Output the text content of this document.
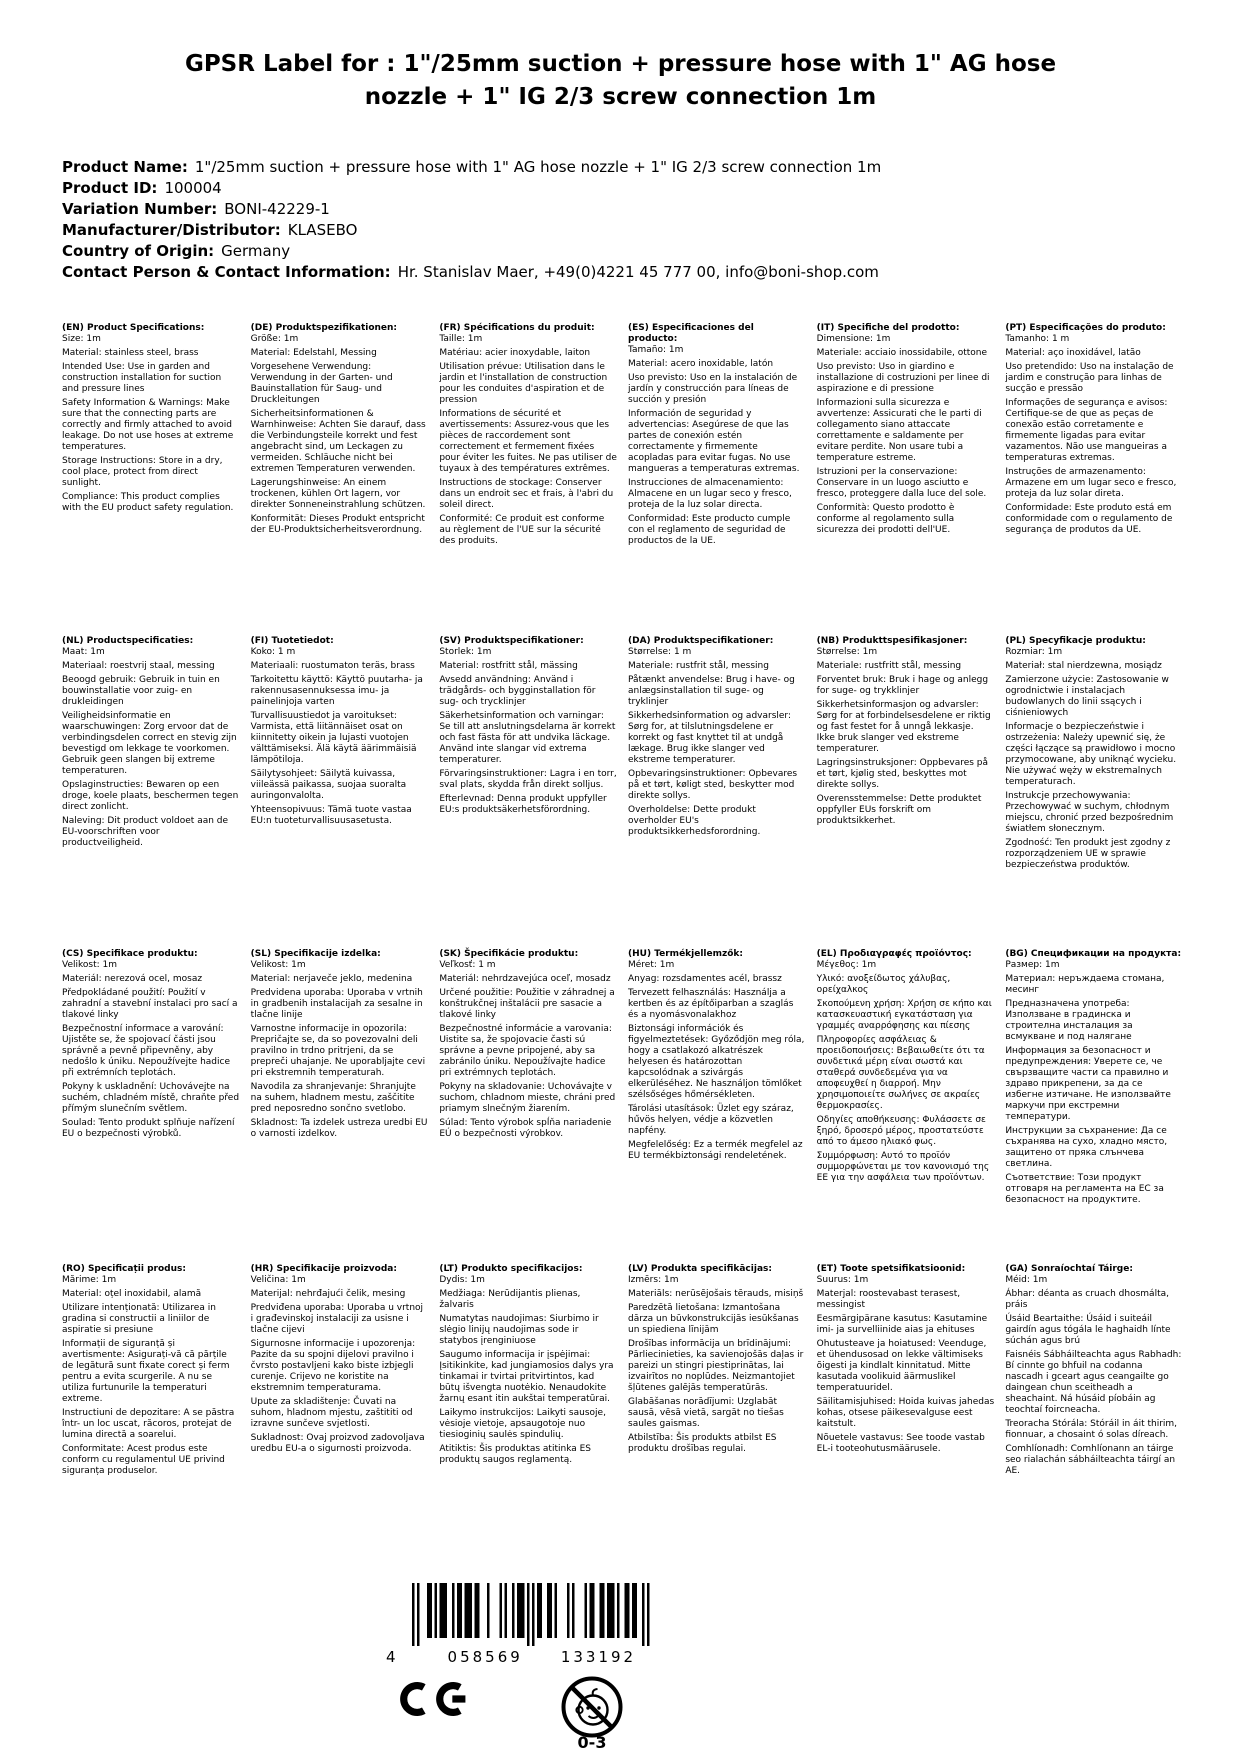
GPSR Label for : 1"/25mm suction + pressure hose with 1" AG hose nozzle + 1" IG 2/3 screw connection 1m
Product Name: 1"/25mm suction + pressure hose with 1" AG hose nozzle + 1" IG 2/3 screw connection 1m
Product ID: 100004
Variation Number: BONI-42229-1
Manufacturer/Distributor: KLASEBO
Country of Origin: Germany
Contact Person & Contact Information: Hr. Stanislav Maer, +49(0)4221 45 777 00, info@boni-shop.com
(EN) Product Specifications:
Size: 1m
Material: stainless steel, brass
Intended Use: Use in garden and construction installation for suction and pressure lines
Safety Information & Warnings: Make sure that the connecting parts are correctly and firmly attached to avoid leakage. Do not use hoses at extreme temperatures.
Storage Instructions: Store in a dry, cool place, protect from direct sunlight.
Compliance: This product complies with the EU product safety regulation.
(DE) Produktspezifikationen:
Größe: 1m
Material: Edelstahl, Messing
Vorgesehene Verwendung: Verwendung in der Garten- und Bauinstallation für Saug- und Druckleitungen
Sicherheitsinformationen & Warnhinweise: Achten Sie darauf, dass die Verbindungsteile korrekt und fest angebracht sind, um Leckagen zu vermeiden. Schläuche nicht bei extremen Temperaturen verwenden.
Lagerungshinweise: An einem trockenen, kühlen Ort lagern, vor direkter Sonneneinstrahlung schützen.
Konformität: Dieses Produkt entspricht der EU-Produktsicherheitsverordnung.
(FR) Spécifications du produit:
Taille: 1m
Matériau: acier inoxydable, laiton
Utilisation prévue: Utilisation dans le jardin et l'installation de construction pour les conduites d'aspiration et de pression
Informations de sécurité et avertissements: Assurez-vous que les pièces de raccordement sont correctement et fermement fixées pour éviter les fuites. Ne pas utiliser de tuyaux à des températures extrêmes.
Instructions de stockage: Conserver dans un endroit sec et frais, à l'abri du soleil direct.
Conformité: Ce produit est conforme au règlement de l'UE sur la sécurité des produits.
(ES) Especificaciones del producto:
Tamaño: 1m
Material: acero inoxidable, latón
Uso previsto: Uso en la instalación de jardín y construcción para líneas de succión y presión
Información de seguridad y advertencias: Asegúrese de que las partes de conexión estén correctamente y firmemente acopladas para evitar fugas. No use mangueras a temperaturas extremas.
Instrucciones de almacenamiento: Almacene en un lugar seco y fresco, proteja de la luz solar directa.
Conformidad: Este producto cumple con el reglamento de seguridad de productos de la UE.
(IT) Specifiche del prodotto:
Dimensione: 1m
Materiale: acciaio inossidabile, ottone
Uso previsto: Uso in giardino e installazione di costruzioni per linee di aspirazione e di pressione
Informazioni sulla sicurezza e avvertenze: Assicurati che le parti di collegamento siano attaccate correttamente e saldamente per evitare perdite. Non usare tubi a temperature estreme.
Istruzioni per la conservazione: Conservare in un luogo asciutto e fresco, proteggere dalla luce del sole.
Conformità: Questo prodotto è conforme al regolamento sulla sicurezza dei prodotti dell'UE.
(PT) Especificações do produto:
Tamanho: 1 m
Material: aço inoxidável, latão
Uso pretendido: Uso na instalação de jardim e construção para linhas de sucção e pressão
Informações de segurança e avisos: Certifique-se de que as peças de conexão estão corretamente e firmemente ligadas para evitar vazamentos. Não use mangueiras a temperaturas extremas.
Instruções de armazenamento: Armazene em um lugar seco e fresco, proteja da luz solar direta.
Conformidade: Este produto está em conformidade com o regulamento de segurança de produtos da UE.
(NL) Productspecificaties:
Maat: 1m
Materiaal: roestvrij staal, messing
Beoogd gebruik: Gebruik in tuin en bouwinstallatie voor zuig- en drukleidingen
Veiligheidsinformatie en waarschuwingen: Zorg ervoor dat de verbindingsdelen correct en stevig zijn bevestigd om lekkage te voorkomen. Gebruik geen slangen bij extreme temperaturen.
Opslaginstructies: Bewaren op een droge, koele plaats, beschermen tegen direct zonlicht.
Naleving: Dit product voldoet aan de EU-voorschriften voor productveiligheid.
(FI) Tuotetiedot:
Koko: 1 m
Materiaali: ruostumaton teräs, brass
Tarkoitettu käyttö: Käyttö puutarha- ja rakennusasennuksessa imu- ja painelinjoja varten
Turvallisuustiedot ja varoitukset: Varmista, että liitännäiset osat on kiinnitetty oikein ja lujasti vuotojen välttämiseksi. Älä käytä äärimmäisiä lämpötiloja.
Säilytysohjeet: Säilytä kuivassa, viileässä paikassa, suojaa suoralta auringonvalolta.
Yhteensopivuus: Tämä tuote vastaa EU:n tuoteturvallisuusasetusta.
(SV) Produktspecifikationer:
Storlek: 1m
Material: rostfritt stål, mässing
Avsedd användning: Använd i trädgårds- och bygginstallation för sug- och trycklinjer
Säkerhetsinformation och varningar: Se till att anslutningsdelarna är korrekt och fast fästa för att undvika läckage. Använd inte slangar vid extrema temperaturer.
Förvaringsinstruktioner: Lagra i en torr, sval plats, skydda från direkt solljus.
Efterlevnad: Denna produkt uppfyller EU:s produktsäkerhetsförordning.
(DA) Produktspecifikationer:
Størrelse: 1 m
Materiale: rustfrit stål, messing
Påtænkt anvendelse: Brug i have- og anlægsinstallation til suge- og tryklinjer
Sikkerhedsinformation og advarsler: Sørg for, at tilslutningsdelene er korrekt og fast knyttet til at undgå lækage. Brug ikke slanger ved ekstreme temperaturer.
Opbevaringsinstruktioner: Opbevares på et tørt, køligt sted, beskytter mod direkte sollys.
Overholdelse: Dette produkt overholder EU's produktsikkerhedsforordning.
(NB) Produkttspesifikasjoner:
Størrelse: 1m
Materiale: rustfritt stål, messing
Forventet bruk: Bruk i hage og anlegg for suge- og trykklinjer
Sikkerhetsinformasjon og advarsler: Sørg for at forbindelsesdelene er riktig og fast festet for å unngå lekkasje. Ikke bruk slanger ved ekstreme temperaturer.
Lagringsinstruksjoner: Oppbevares på et tørt, kjølig sted, beskyttes mot direkte sollys.
Overensstemmelse: Dette produktet oppfyller EUs forskrift om produktsikkerhet.
(PL) Specyfikacje produktu:
Rozmiar: 1m
Materiał: stal nierdzewna, mosiądz
Zamierzone użycie: Zastosowanie w ogrodnictwie i instalacjach budowlanych do linii ssących i ciśnieniowych
Informacje o bezpieczeństwie i ostrzeżenia: Należy upewnić się, że części łączące są prawidłowo i mocno przymocowane, aby uniknąć wycieku. Nie używać węży w ekstremalnych temperaturach.
Instrukcje przechowywania: Przechowywać w suchym, chłodnym miejscu, chronić przed bezpośrednim światłem słonecznym.
Zgodność: Ten produkt jest zgodny z rozporządzeniem UE w sprawie bezpieczeństwa produktów.
(CS) Specifikace produktu:
Velikost: 1m
Materiál: nerezová ocel, mosaz
Předpokládané použití: Použití v zahradní a stavební instalaci pro sací a tlakové linky
Bezpečnostní informace a varování: Ujistěte se, že spojovací části jsou správně a pevně připevněny, aby nedošlo k úniku. Nepoužívejte hadice při extrémních teplotách.
Pokyny k uskladnění: Uchovávejte na suchém, chladném místě, chraňte před přímým slunečním světlem.
Soulad: Tento produkt splňuje nařízení EU o bezpečnosti výrobků.
(SL) Specifikacije izdelka:
Velikost: 1m
Material: nerjaveče jeklo, medenina
Predvidena uporaba: Uporaba v vrtnih in gradbenih instalacijah za sesalne in tlačne linije
Varnostne informacije in opozorila: Prepričajte se, da so povezovalni deli pravilno in trdno pritrjeni, da se prepreči uhajanje. Ne uporabljajte cevi pri ekstremnih temperaturah.
Navodila za shranjevanje: Shranjujte na suhem, hladnem mestu, zaščitite pred neposredno sončno svetlobo.
Skladnost: Ta izdelek ustreza uredbi EU o varnosti izdelkov.
(SK) Špecifikácie produktu:
Veľkosť: 1 m
Materiál: nehrdzavejúca oceľ, mosadz
Určené použitie: Použitie v záhradnej a konštrukčnej inštalácii pre sasacie a tlakové linky
Bezpečnostné informácie a varovania: Uistite sa, že spojovacie časti sú správne a pevne pripojené, aby sa zabránilo úniku. Nepoužívajte hadice pri extrémnych teplotách.
Pokyny na skladovanie: Uchovávajte v suchom, chladnom mieste, chráni pred priamym slnečným žiarením.
Súlad: Tento výrobok spĺňa nariadenie EÚ o bezpečnosti výrobkov.
(HU) Termékjellemzők:
Méret: 1m
Anyag: rozsdamentes acél, brassz
Tervezett felhasználás: Használja a kertben és az építőiparban a szaglás és a nyomásvonalakhoz
Biztonsági információk és figyelmeztetések: Győződjön meg róla, hogy a csatlakozó alkatrészek helyesen és határozottan kapcsolódnak a szivárgás elkerüléséhez. Ne használjon tömlőket szélsőséges hőmérsékleten.
Tárolási utasítások: Üzlet egy száraz, hűvös helyen, védje a közvetlen napfény.
Megfelelőség: Ez a termék megfelel az EU termékbiztonsági rendeletének.
(EL) Προδιαγραφές προϊόντος:
Μέγεθος: 1m
Υλικό: ανοξείδωτος χάλυβας, ορείχαλκος
Σκοπούμενη χρήση: Χρήση σε κήπο και κατασκευαστική εγκατάσταση για γραμμές αναρρόφησης και πίεσης
Πληροφορίες ασφάλειας & προειδοποιήσεις: Βεβαιωθείτε ότι τα συνδετικά μέρη είναι σωστά και σταθερά συνδεδεμένα για να αποφευχθεί η διαρροή. Μην χρησιμοποιείτε σωλήνες σε ακραίες θερμοκρασίες.
Οδηγίες αποθήκευσης: Φυλάσσετε σε ξηρό, δροσερό μέρος, προστατεύστε από το άμεσο ηλιακό φως.
Συμμόρφωση: Αυτό το προϊόν συμμορφώνεται με τον κανονισμό της ΕΕ για την ασφάλεια των προϊόντων.
(BG) Спецификации на продукта:
Размер: 1m
Материал: неръждаема стомана, месинг
Предназначена употреба: Използване в градинска и строителна инсталация за всмукване и под налягане
Информация за безопасност и предупреждения: Уверете се, че свързващите части са правилно и здраво прикрепени, за да се избегне изтичане. Не използвайте маркучи при екстремни температури.
Инструкции за съхранение: Да се съхранява на сухо, хладно място, защитено от пряка слънчева светлина.
Съответствие: Този продукт отговаря на регламента на ЕС за безопасност на продуктите.
(RO) Specificații produs:
Mărime: 1m
Material: oțel inoxidabil, alamă
Utilizare intenționată: Utilizarea in gradina si constructii a liniilor de aspiratie si presiune
Informații de siguranță și avertismente: Asigurați-vă că părțile de legătură sunt fixate corect și ferm pentru a evita scurgerile. A nu se utiliza furtunurile la temperaturi extreme.
Instructiuni de depozitare: A se păstra într- un loc uscat, răcoros, protejat de lumina directă a soarelui.
Conformitate: Acest produs este conform cu regulamentul UE privind siguranța produselor.
(HR) Specifikacije proizvoda:
Veličina: 1m
Materijal: nehrđajući čelik, mesing
Predviđena uporaba: Uporaba u vrtnoj i građevinskoj instalaciji za usisne i tlačne cijevi
Sigurnosne informacije i upozorenja: Pazite da su spojni dijelovi pravilno i čvrsto postavljeni kako biste izbjegli curenje. Crijevo ne koristite na ekstremnim temperaturama.
Upute za skladištenje: Čuvati na suhom, hladnom mjestu, zaštititi od izravne sunčeve svjetlosti.
Sukladnost: Ovaj proizvod zadovoljava uredbu EU-a o sigurnosti proizvoda.
(LT) Produkto specifikacijos:
Dydis: 1m
Medžiaga: Nerūdijantis plienas, žalvaris
Numatytas naudojimas: Siurbimo ir slėgio linijų naudojimas sode ir statybos įrenginiuose
Saugumo informacija ir įspėjimai: Įsitikinkite, kad jungiamosios dalys yra tinkamai ir tvirtai pritvirtintos, kad būtų išvengta nuotėkio. Nenaudokite žarnų esant itin aukštai temperatūrai.
Laikymo instrukcijos: Laikyti sausoje, vėsioje vietoje, apsaugotoje nuo tiesioginių saulės spindulių.
Atitiktis: Šis produktas atitinka ES produktų saugos reglamentą.
(LV) Produkta specifikācijas:
Izmērs: 1m
Materiāls: nerūsējošais tērauds, misiņš
Paredzētā lietošana: Izmantošana dārza un būvkonstrukcijās iesūkšanas un spiediena līnijām
Drošības informācija un brīdinājumi: Pārliecinieties, ka savienojošās daļas ir pareizi un stingri piestiprinātas, lai izvairītos no noplūdes. Neizmantojiet šļūtenes galējās temperatūrās.
Glabāšanas norādījumi: Uzglabāt sausā, vēsā vietā, sargāt no tiešas saules gaismas.
Atbilstība: Šis produkts atbilst ES produktu drošības regulai.
(ET) Toote spetsifikatsioonid:
Suurus: 1m
Materjal: roostevabast terasest, messingist
Eesmärgipärane kasutus: Kasutamine imi- ja survelliinide aias ja ehituses
Ohutusteave ja hoiatused: Veenduge, et ühendusosad on lekke vältimiseks õigesti ja kindlalt kinnitatud. Mitte kasutada voolikuid äärmuslikel temperatuuridel.
Säilitamisjuhised: Hoida kuivas jahedas kohas, otsese päikesevalguse eest kaitstult.
Nõuetele vastavus: See toode vastab EL-i tooteohutusmäärusele.
(GA) Sonraíochtaí Táirge:
Méid: 1m
Ábhar: déanta as cruach dhosmálta, práis
Úsáid Beartaithe: Úsáid i suiteáil gairdín agus tógála le haghaidh línte súchán agus brú
Faisnéis Sábháilteachta agus Rabhadh: Bí cinnte go bhfuil na codanna nascadh i gceart agus ceangailte go daingean chun sceitheadh a sheachaint. Ná húsáid píobáin ag teochtaí foircneacha.
Treoracha Stórála: Stóráil in áit thirim, fionnuar, a chosaint ó solas díreach.
Comhlíonadh: Comhlíonann an táirge seo rialachán sábháilteachta táirgí an AE.
4	058569	133192
0-3
